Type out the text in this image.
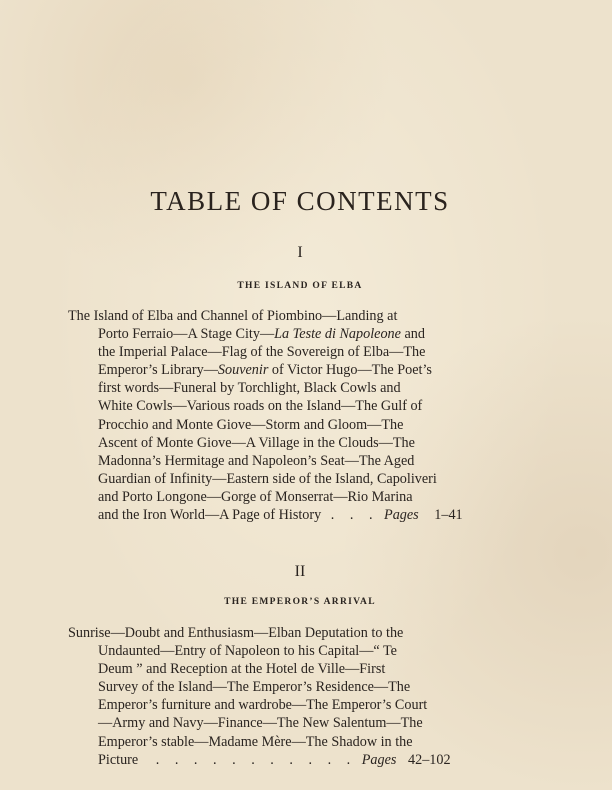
TABLE OF CONTENTS
I
THE ISLAND OF ELBA
The Island of Elba and Channel of Piombino—Landing at
Porto Ferraio—A Stage City—La Teste di Napoleone and
the Imperial Palace—Flag of the Sovereign of Elba—The
Emperor’s Library—Souvenir of Victor Hugo—The Poet’s
first words—Funeral by Torchlight, Black Cowls and
White Cowls—Various roads on the Island—The Gulf of
Procchio and Monte Giove—Storm and Gloom—The
Ascent of Monte Giove—A Village in the Clouds—The
Madonna’s Hermitage and Napoleon’s Seat—The Aged
Guardian of Infinity—Eastern side of the Island, Capoliveri
and Porto Longone—Gorge of Monserrat—Rio Marina
and the Iron World—A Page of History . . . Pages 1–41
II
THE EMPEROR’S ARRIVAL
Sunrise—Doubt and Enthusiasm—Elban Deputation to the
Undaunted—Entry of Napoleon to his Capital—“ Te
Deum ” and Reception at the Hotel de Ville—First
Survey of the Island—The Emperor’s Residence—The
Emperor’s furniture and wardrobe—The Emperor’s Court
—Army and Navy—Finance—The New Salentum—The
Emperor’s stable—Madame Mère—The Shadow in the
Picture . . . . . . . . . . . Pages 42–102
